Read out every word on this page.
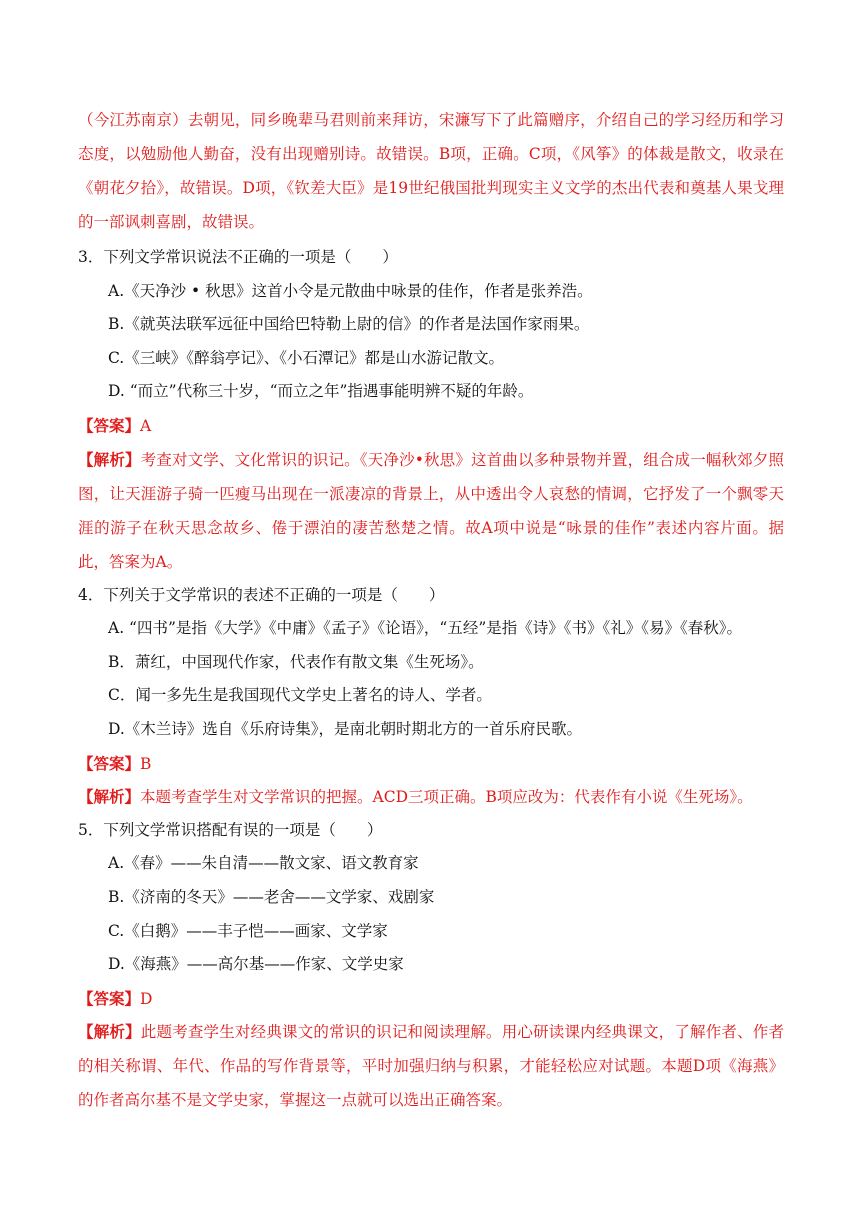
（今江苏南京）去朝见，同乡晚辈马君则前来拜访，宋濂写下了此篇赠序，介绍自己的学习经历和学习态度，以勉励他人勤奋，没有出现赠别诗。故错误。B项，正确。C项，《风筝》的体裁是散文，收录在《朝花夕拾》，故错误。D项，《钦差大臣》是19世纪俄国批判现实主义文学的杰出代表和奠基人果戈理的一部讽刺喜剧，故错误。

3．下列文学常识说法不正确的一项是（　　）
A.《天净沙 • 秋思》这首小令是元散曲中咏景的佳作，作者是张养浩。
B.《就英法联军远征中国给巴特勒上尉的信》的作者是法国作家雨果。
C.《三峡》《醉翁亭记》、《小石潭记》都是山水游记散文。
D. “而立”代称三十岁，“而立之年”指遇事能明辨不疑的年龄。
【答案】A

【解析】考查对文学、文化常识的识记。《天净沙•秋思》这首曲以多种景物并置，组合成一幅秋郊夕照图，让天涯游子骑一匹瘦马出现在一派凄凉的背景上，从中透出令人哀愁的情调，它抒发了一个飘零天涯的游子在秋天思念故乡、倦于漂泊的凄苦愁楚之情。故A项中说是“咏景的佳作”表述内容片面。据此，答案为A。

4．下列关于文学常识的表述不正确的一项是（　　）
A. “四书”是指《大学》《中庸》《孟子》《论语》，“五经”是指《诗》《书》《礼》《易》《春秋》。
B．萧红，中国现代作家，代表作有散文集《生死场》。
C．闻一多先生是我国现代文学史上著名的诗人、学者。
D.《木兰诗》选自《乐府诗集》，是南北朝时期北方的一首乐府民歌。
【答案】B
【解析】本题考查学生对文学常识的把握。ACD三项正确。B项应改为：代表作有小说《生死场》。
5．下列文学常识搭配有误的一项是（　　）
A.《春》——朱自清——散文家、语文教育家
B.《济南的冬天》——老舍——文学家、戏剧家
C.《白鹅》——丰子恺——画家、文学家
D.《海燕》——高尔基——作家、文学史家
【答案】D

【解析】此题考查学生对经典课文的常识的识记和阅读理解。用心研读课内经典课文，了解作者、作者的相关称谓、年代、作品的写作背景等，平时加强归纳与积累，才能轻松应对试题。本题D项《海燕》的作者高尔基不是文学史家，掌握这一点就可以选出正确答案。
